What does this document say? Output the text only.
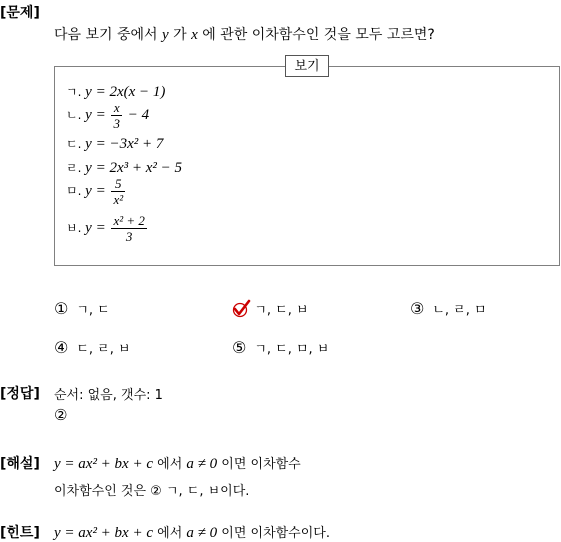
[문제]
다음 보기 중에서 y 가 x 에 관한 이차함수인 것을 모두 고르면?
보기
ㄱ. y = 2x(x − 1)
ㄴ. $y = \frac{x}{3} - 4$
ㄷ. y = −3x² + 7
ㄹ. y = 2x³ + x² − 5
ㅁ. $y = \frac{5}{\text{x²}}$
ㅂ. $y = \frac{\text{x² + 2}}{3}$
① ㄱ, ㄷ	ㄱ, ㄷ, ㅂ	③ ㄴ, ㄹ, ㅁ
④ ㄷ, ㄹ, ㅂ	⑤ ㄱ, ㄷ, ㅁ, ㅂ
[정답] 순서: 없음, 갯수: 1
②
[해설] y = ax² + bx + c 에서 a ≠ 0 이면 이차함수
이차함수인 것은 ② ㄱ, ㄷ, ㅂ이다.
[힌트] y = ax² + bx + c 에서 a ≠ 0 이면 이차함수이다.
